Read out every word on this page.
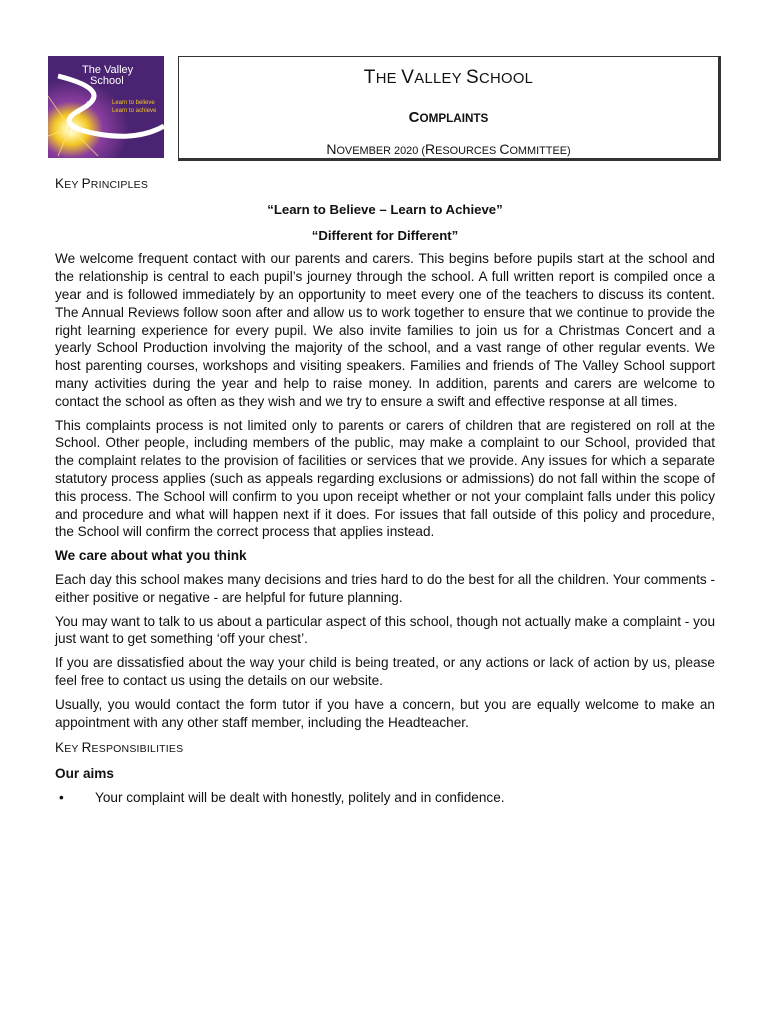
The Valley
School
Learn to believe
Learn to achieve
THE VALLEY SCHOOL
COMPLAINTS
NOVEMBER 2020 (RESOURCES COMMITTEE)
KEY PRINCIPLES

“Learn to Believe – Learn to Achieve”

“Different for Different”

We welcome frequent contact with our parents and carers. This begins before pupils start at the school and the relationship is central to each pupil’s journey through the school. A full written report is compiled once a year and is followed immediately by an opportunity to meet every one of the teachers to discuss its content. The Annual Reviews follow soon after and allow us to work together to ensure that we continue to provide the right learning experience for every pupil. We also invite families to join us for a Christmas Concert and a yearly School Production involving the majority of the school, and a vast range of other regular events. We host parenting courses, workshops and visiting speakers. Families and friends of The Valley School support many activities during the year and help to raise money. In addition, parents and carers are welcome to contact the school as often as they wish and we try to ensure a swift and effective response at all times.

This complaints process is not limited only to parents or carers of children that are registered on roll at the School. Other people, including members of the public, may make a complaint to our School, provided that the complaint relates to the provision of facilities or services that we provide. Any issues for which a separate statutory process applies (such as appeals regarding exclusions or admissions) do not fall within the scope of this process. The School will confirm to you upon receipt whether or not your complaint falls under this policy and procedure and what will happen next if it does. For issues that fall outside of this policy and procedure, the School will confirm the correct process that applies instead.

We care about what you think

Each day this school makes many decisions and tries hard to do the best for all the children. Your comments - either positive or negative - are helpful for future planning.

You may want to talk to us about a particular aspect of this school, though not actually make a complaint - you just want to get something ‘off your chest’.

If you are dissatisfied about the way your child is being treated, or any actions or lack of action by us, please feel free to contact us using the details on our website.

Usually, you would contact the form tutor if you have a concern, but you are equally welcome to make an appointment with any other staff member, including the Headteacher.

KEY RESPONSIBILITIES
Our aims
•	Your complaint will be dealt with honestly, politely and in confidence.
